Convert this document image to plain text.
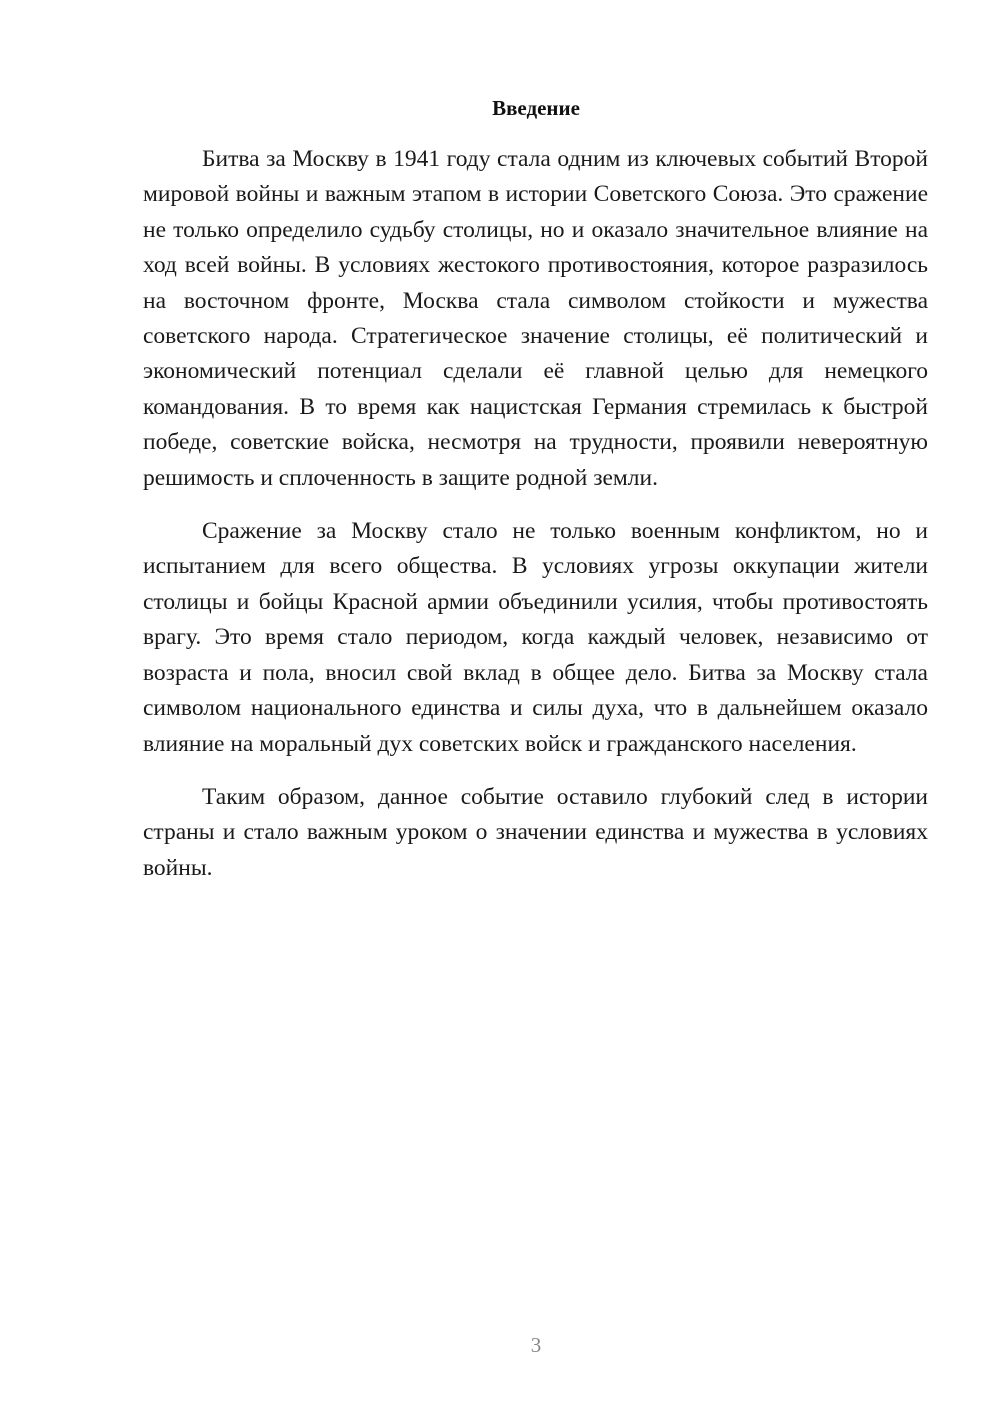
Введение

Битва за Москву в 1941 году стала одним из ключевых событий Второй мировой войны и важным этапом в истории Советского Союза. Это сражение не только определило судьбу столицы, но и оказало значительное влияние на ход всей войны. В условиях жестокого противостояния, которое разразилось на восточном фронте, Москва стала символом стойкости и мужества советского народа. Стратегическое значение столицы, её политический и экономический потенциал сделали её главной целью для немецкого командования. В то время как нацистская Германия стремилась к быстрой победе, советские войска, несмотря на трудности, проявили невероятную решимость и сплоченность в защите родной земли.

Сражение за Москву стало не только военным конфликтом, но и испытанием для всего общества. В условиях угрозы оккупации жители столицы и бойцы Красной армии объединили усилия, чтобы противостоять врагу. Это время стало периодом, когда каждый человек, независимо от возраста и пола, вносил свой вклад в общее дело. Битва за Москву стала символом национального единства и силы духа, что в дальнейшем оказало влияние на моральный дух советских войск и гражданского населения.

Таким образом, данное событие оставило глубокий след в истории страны и стало важным уроком о значении единства и мужества в условиях войны.

3
